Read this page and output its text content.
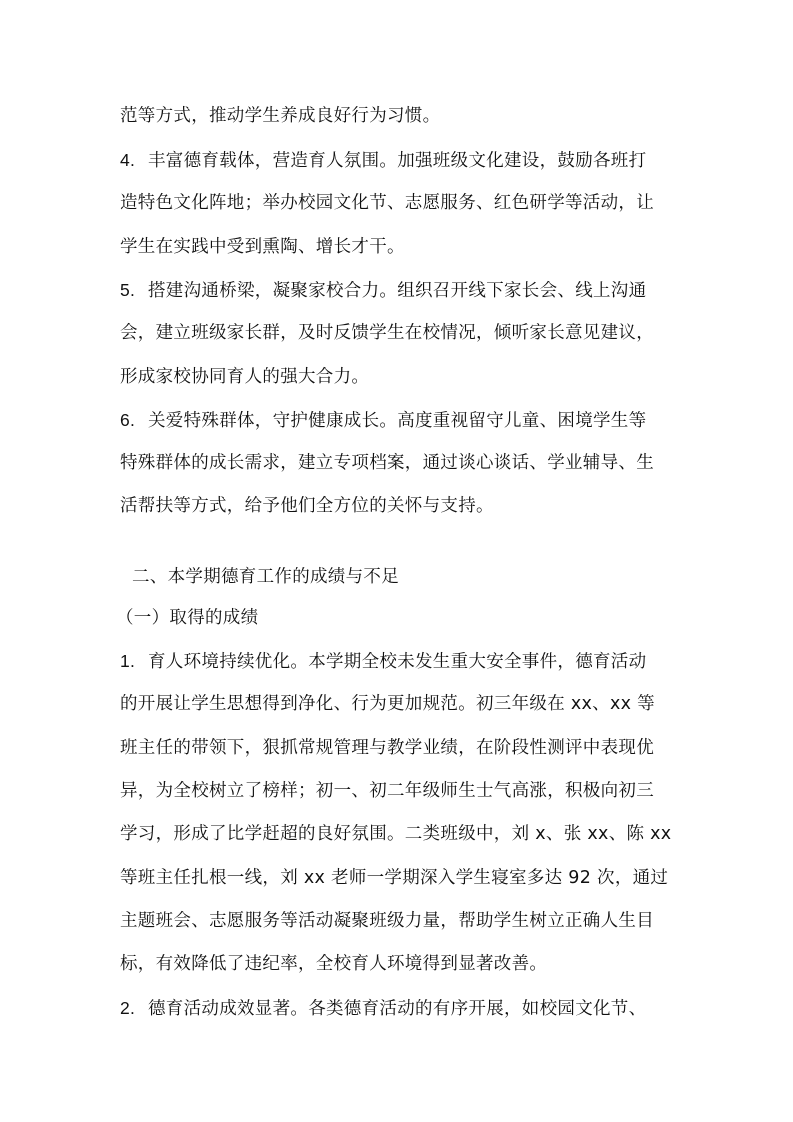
范等方式，推动学生养成良好行为习惯。
4. 丰富德育载体，营造育人氛围。加强班级文化建设，鼓励各班打
造特色文化阵地；举办校园文化节、志愿服务、红色研学等活动，让
学生在实践中受到熏陶、增长才干。
5. 搭建沟通桥梁，凝聚家校合力。组织召开线下家长会、线上沟通
会，建立班级家长群，及时反馈学生在校情况，倾听家长意见建议，
形成家校协同育人的强大合力。
6. 关爱特殊群体，守护健康成长。高度重视留守儿童、困境学生等
特殊群体的成长需求，建立专项档案，通过谈心谈话、学业辅导、生
活帮扶等方式，给予他们全方位的关怀与支持。
二、本学期德育工作的成绩与不足
（一）取得的成绩
1. 育人环境持续优化。本学期全校未发生重大安全事件，德育活动
的开展让学生思想得到净化、行为更加规范。初三年级在 xx、xx 等
班主任的带领下，狠抓常规管理与教学业绩，在阶段性测评中表现优
异，为全校树立了榜样；初一、初二年级师生士气高涨，积极向初三
学习，形成了比学赶超的良好氛围。二类班级中，刘 x、张 xx、陈 xx
等班主任扎根一线，刘 xx 老师一学期深入学生寝室多达 92 次，通过
主题班会、志愿服务等活动凝聚班级力量，帮助学生树立正确人生目
标，有效降低了违纪率，全校育人环境得到显著改善。
2. 德育活动成效显著。各类德育活动的有序开展，如校园文化节、
